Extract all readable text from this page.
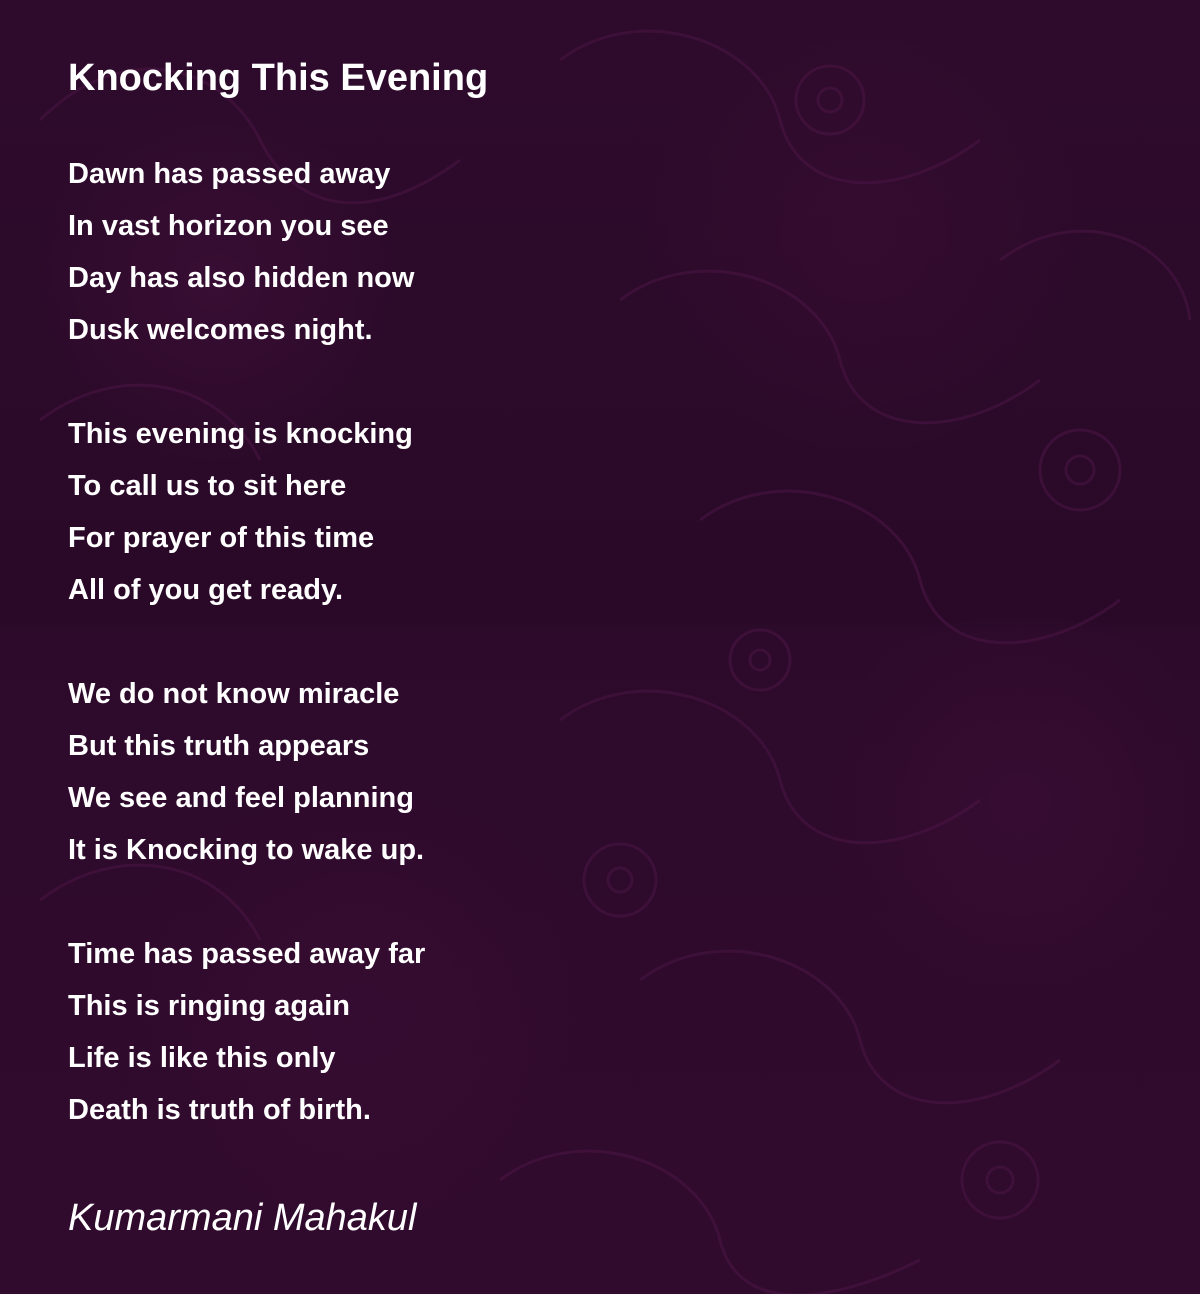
Knocking This Evening
Dawn has passed away
In vast horizon you see
Day has also hidden now
Dusk welcomes night.
This evening is knocking
To call us to sit here
For prayer of this time
All of you get ready.
We do not know miracle
But this truth appears
We see and feel planning
It is Knocking to wake up.
Time has passed away far
This is ringing again
Life is like this only
Death is truth of birth.
Kumarmani Mahakul
